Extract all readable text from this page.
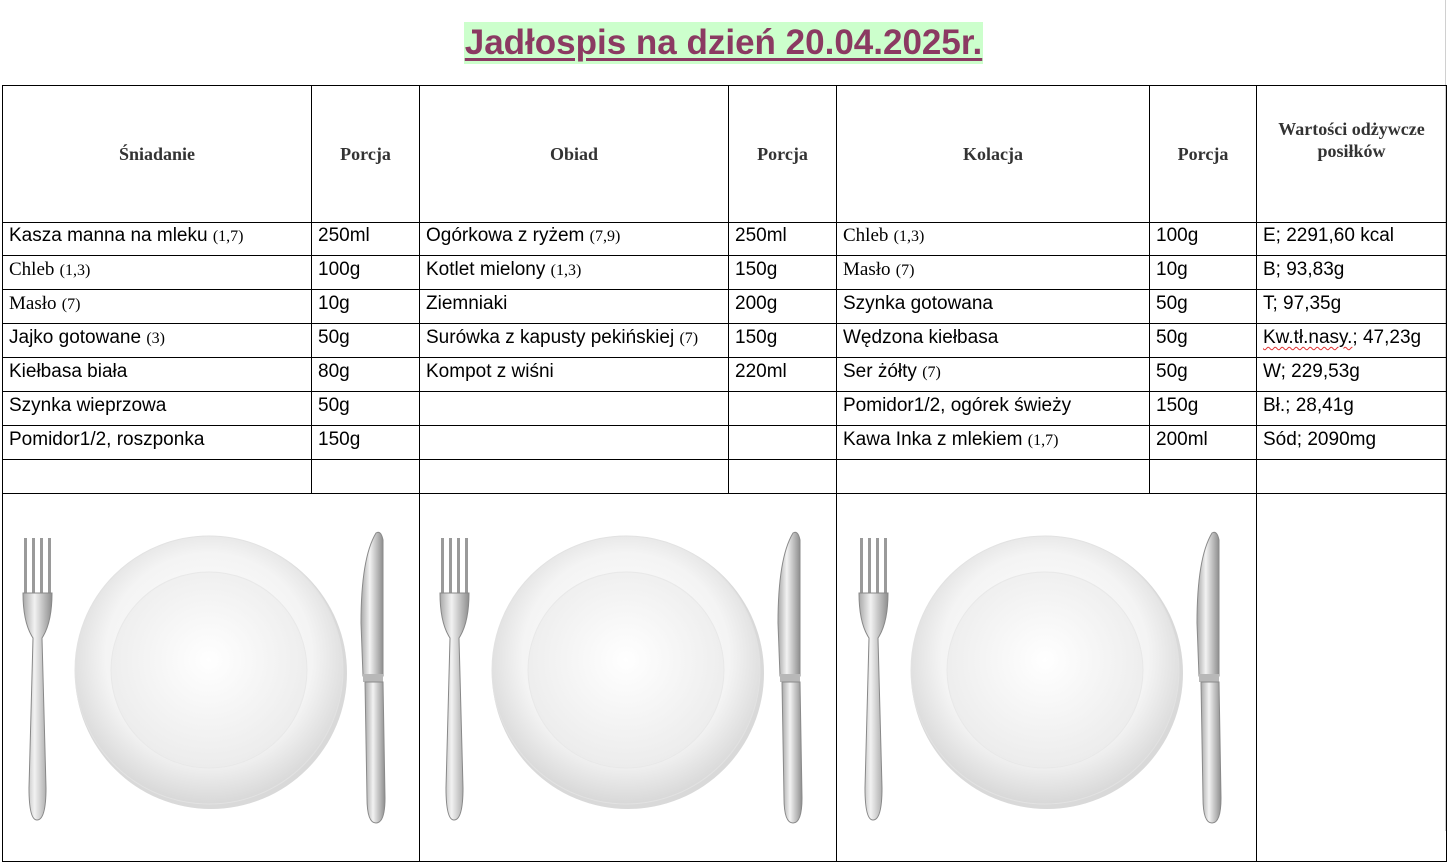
Jadłospis na dzień 20.04.2025r.
Śniadanie	Porcja	Obiad	Porcja	Kolacja	Porcja	Wartości odżywcze posiłków
Kasza manna na mleku (1,7)	250ml	Ogórkowa z ryżem (7,9)	250ml	Chleb (1,3)	100g	E; 2291,60 kcal
Chleb (1,3)	100g	Kotlet mielony (1,3)	150g	Masło (7)	10g	B; 93,83g
Masło (7)	10g	Ziemniaki	200g	Szynka gotowana	50g	T; 97,35g
Jajko gotowane (3)	50g	Surówka z kapusty pekińskiej (7)	150g	Wędzona kiełbasa	50g	Kw.tł.nasy.; 47,23g
Kiełbasa biała	80g	Kompot z wiśni	220ml	Ser żółty (7)	50g	W; 229,53g
Szynka wieprzowa	50g			Pomidor1/2, ogórek świeży	150g	Bł.; 28,41g
Pomidor1/2, roszponka	150g			Kawa Inka z mlekiem (1,7)	200ml	Sód; 2090mg
